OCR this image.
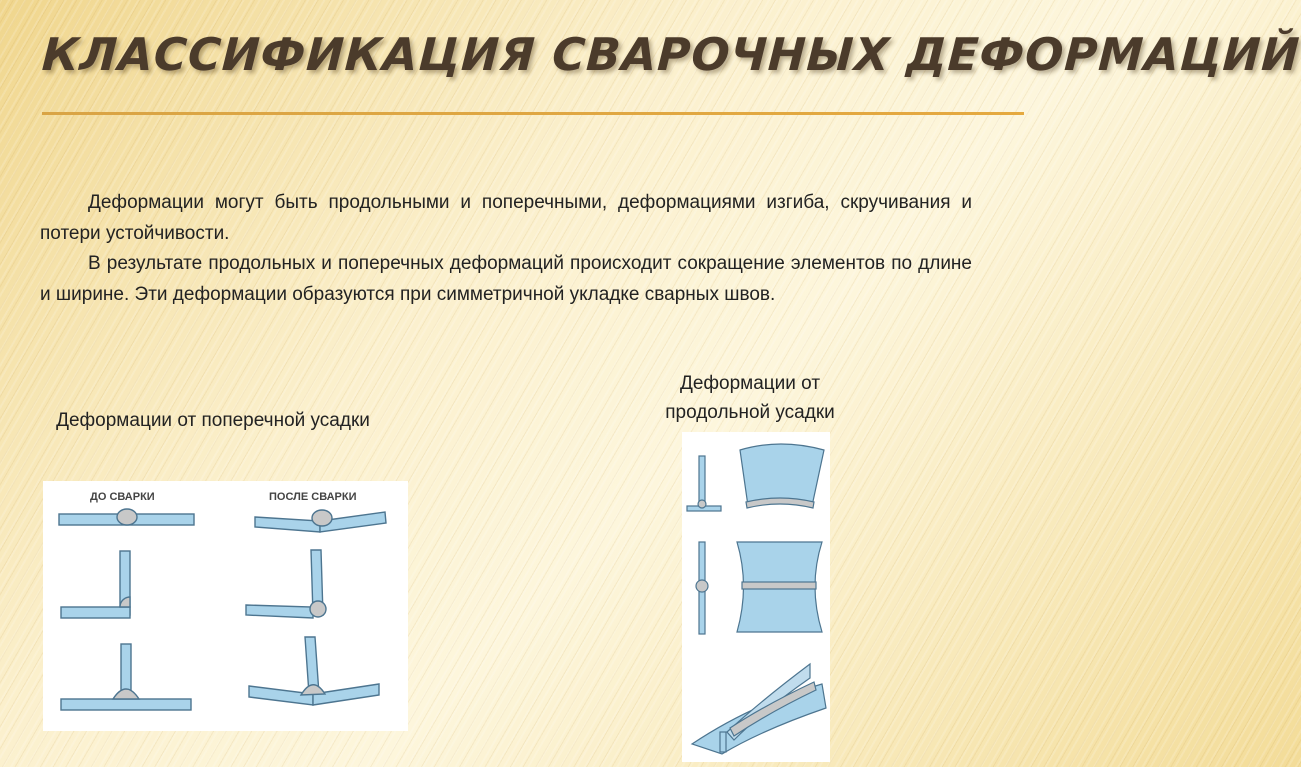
КЛАССИФИКАЦИЯ СВАРОЧНЫХ ДЕФОРМАЦИЙ

Деформации могут быть продольными и поперечными, деформациями изгиба, скручивания и потери устойчивости.

В результате продольных и поперечных деформаций происходит сокращение элементов по длине и ширине. Эти деформации образуются при симметричной укладке сварных швов.

Деформации от поперечной усадки
Деформации от продольной усадки
ДО СВАРКИ	ПОСЛЕ СВАРКИ
